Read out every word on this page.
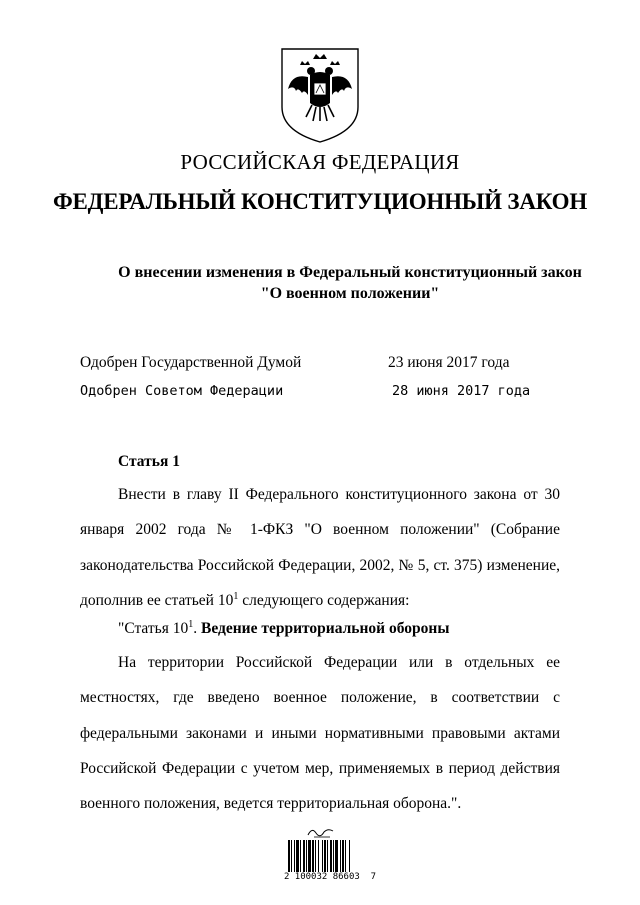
РОССИЙСКАЯ ФЕДЕРАЦИЯ
ФЕДЕРАЛЬНЫЙ КОНСТИТУЦИОННЫЙ ЗАКОН
О внесении изменения в Федеральный конституционный закон
"О военном положении"
Одобрен Государственной Думой	23 июня 2017 года
Одобрен Советом Федерации	28 июня 2017 года
Статья 1
Внести в главу II Федерального конституционного закона от 30 января 2002 года № 1-ФКЗ "О военном положении" (Собрание законодательства Российской Федерации, 2002, № 5, ст. 375) изменение, дополнив ее статьей $10^1$ следующего содержания:
"Статья $10^1$. Ведение территориальной обороны
На территории Российской Федерации или в отдельных ее местностях, где введено военное положение, в соответствии с федеральными законами и иными нормативными правовыми актами Российской Федерации с учетом мер, применяемых в период действия военного положения, ведется территориальная оборона.".
2 100032 86603  7
